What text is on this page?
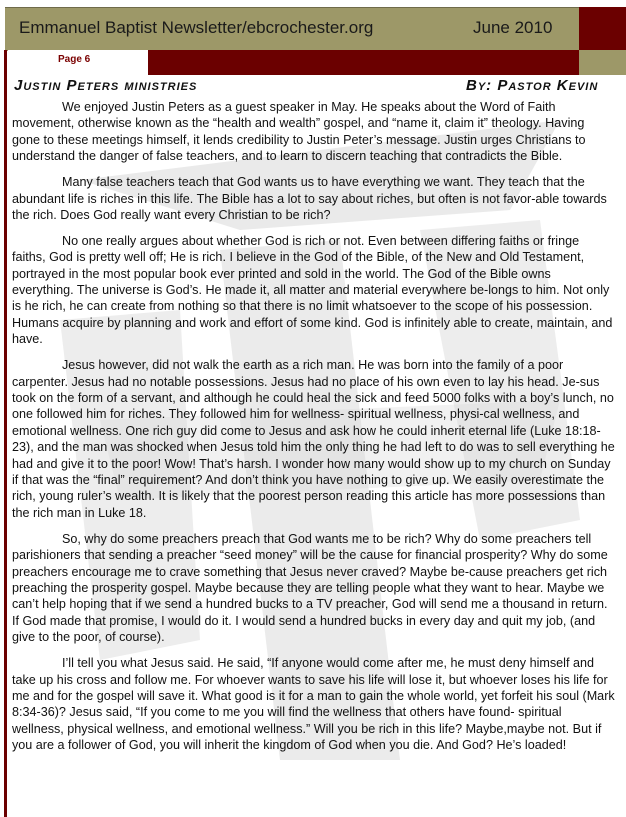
Emmanuel Baptist Newsletter/ebcrochester.org	June 2010
Page 6
Justin Peters ministries	By: Pastor Kevin

We enjoyed Justin Peters as a guest speaker in May. He speaks about the Word of Faith movement, otherwise known as the “health and wealth” gospel, and “name it, claim it” theology. Having gone to these meetings himself, it lends credibility to Justin Peter’s message. Justin urges Christians to understand the danger of false teachers, and to learn to discern teaching that contradicts the Bible.

Many false teachers teach that God wants us to have everything we want. They teach that the abundant life is riches in this life. The Bible has a lot to say about riches, but often is not favor-able towards the rich. Does God really want every Christian to be rich?

No one really argues about whether God is rich or not. Even between differing faiths or fringe faiths, God is pretty well off; He is rich. I believe in the God of the Bible, of the New and Old Testament, portrayed in the most popular book ever printed and sold in the world. The God of the Bible owns everything. The universe is God’s. He made it, all matter and material everywhere be-longs to him. Not only is he rich, he can create from nothing so that there is no limit whatsoever to the scope of his possession. Humans acquire by planning and work and effort of some kind. God is infinitely able to create, maintain, and have.

Jesus however, did not walk the earth as a rich man. He was born into the family of a poor carpenter. Jesus had no notable possessions. Jesus had no place of his own even to lay his head. Je-sus took on the form of a servant, and although he could heal the sick and feed 5000 folks with a boy’s lunch, no one followed him for riches. They followed him for wellness- spiritual wellness, physi-cal wellness, and emotional wellness. One rich guy did come to Jesus and ask how he could inherit eternal life (Luke 18:18-23), and the man was shocked when Jesus told him the only thing he had left to do was to sell everything he had and give it to the poor! Wow! That’s harsh. I wonder how many would show up to my church on Sunday if that was the “final” requirement? And don’t think you have nothing to give up. We easily overestimate the rich, young ruler’s wealth. It is likely that the poorest person reading this article has more possessions than the rich man in Luke 18.

So, why do some preachers preach that God wants me to be rich? Why do some preachers tell parishioners that sending a preacher “seed money” will be the cause for financial prosperity? Why do some preachers encourage me to crave something that Jesus never craved? Maybe be-cause preachers get rich preaching the prosperity gospel. Maybe because they are telling people what they want to hear. Maybe we can’t help hoping that if we send a hundred bucks to a TV preacher, God will send me a thousand in return. If God made that promise, I would do it. I would send a hundred bucks in every day and quit my job, (and give to the poor, of course).

I’ll tell you what Jesus said. He said, “If anyone would come after me, he must deny himself and take up his cross and follow me. For whoever wants to save his life will lose it, but whoever loses his life for me and for the gospel will save it. What good is it for a man to gain the whole world, yet forfeit his soul (Mark 8:34-36)? Jesus said, “If you come to me you will find the wellness that others have found- spiritual wellness, physical wellness, and emotional wellness.” Will you be rich in this life? Maybe,maybe not. But if you are a follower of God, you will inherit the kingdom of God when you die. And God? He’s loaded!
